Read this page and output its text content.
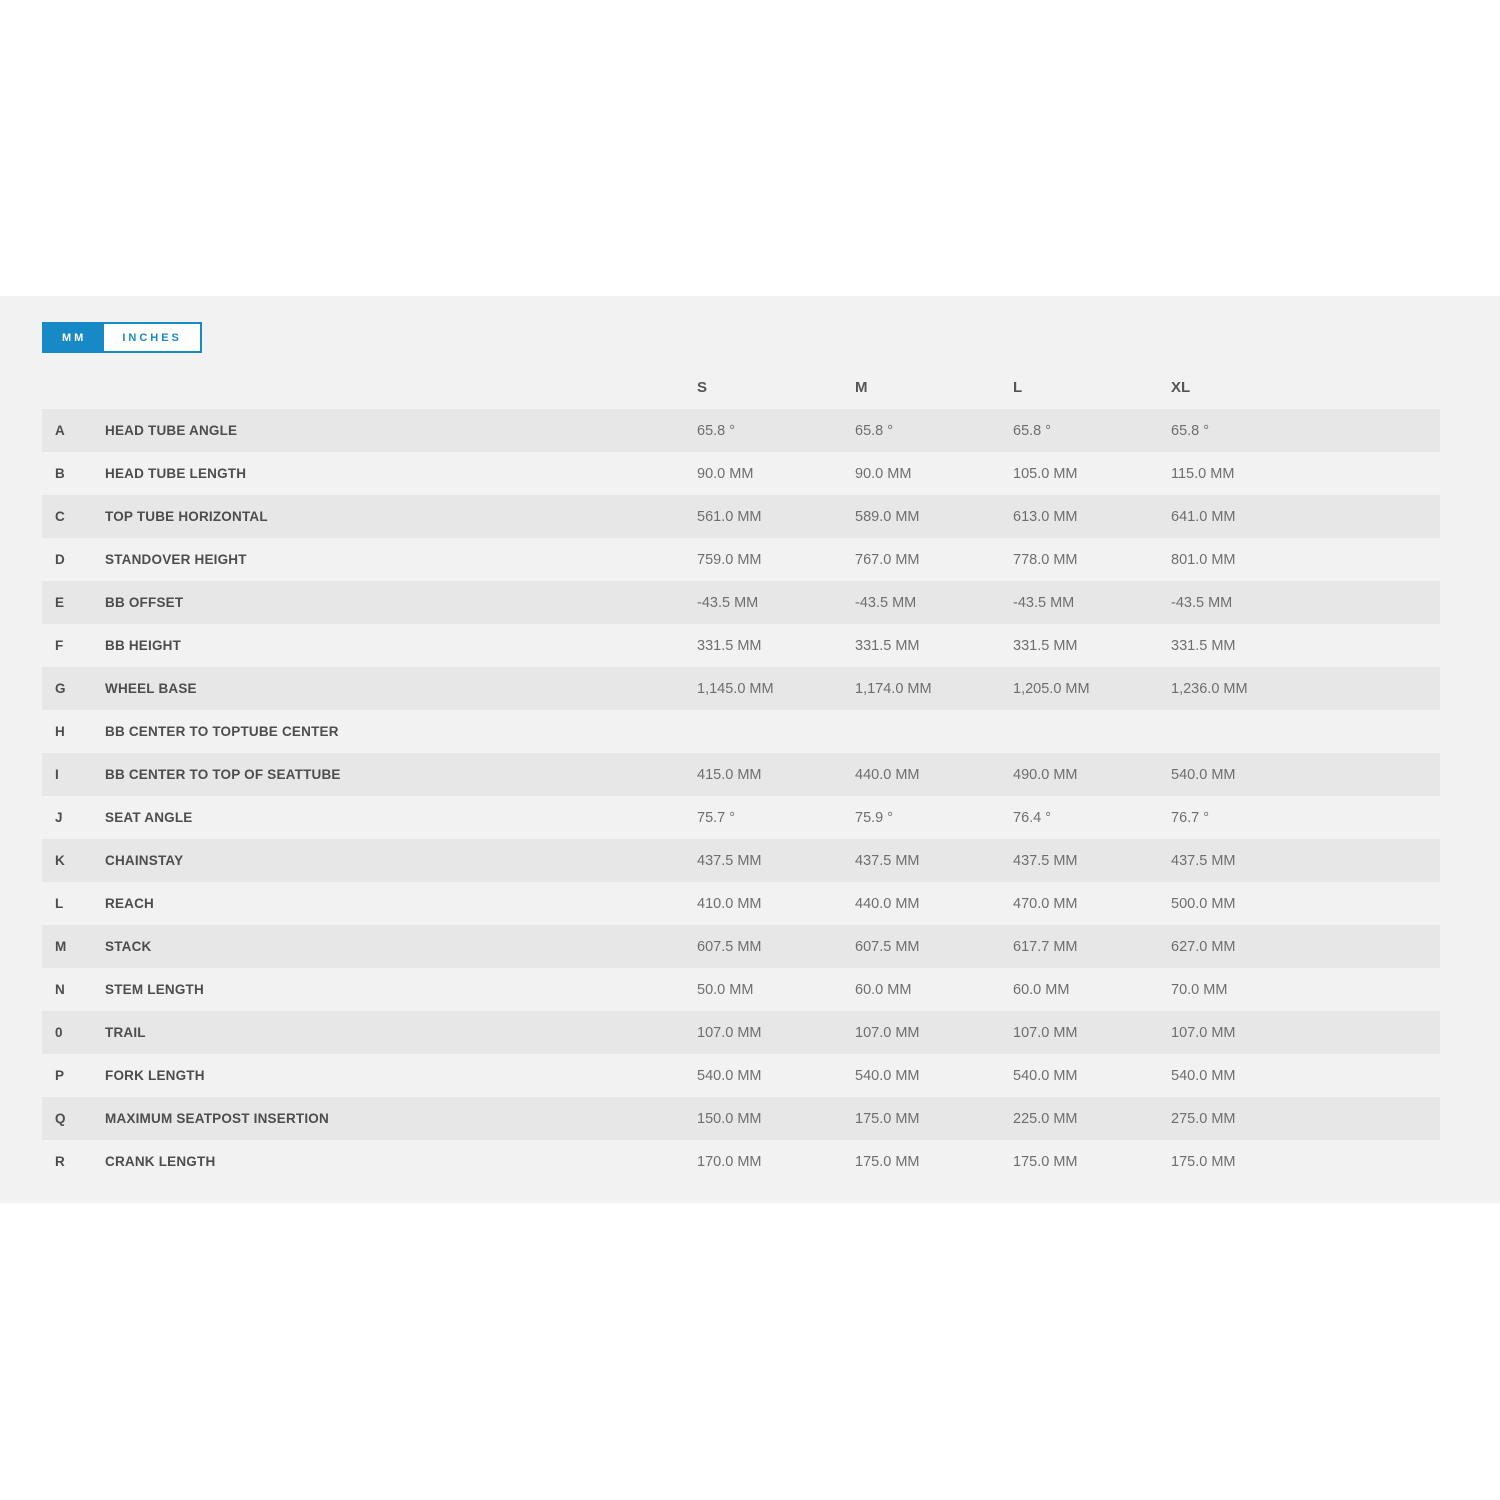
MM	INCHES
S	M	L	XL
A	HEAD TUBE ANGLE	65.8 °	65.8 °	65.8 °	65.8 °
B	HEAD TUBE LENGTH	90.0 MM	90.0 MM	105.0 MM	115.0 MM
C	TOP TUBE HORIZONTAL	561.0 MM	589.0 MM	613.0 MM	641.0 MM
D	STANDOVER HEIGHT	759.0 MM	767.0 MM	778.0 MM	801.0 MM
E	BB OFFSET	-43.5 MM	-43.5 MM	-43.5 MM	-43.5 MM
F	BB HEIGHT	331.5 MM	331.5 MM	331.5 MM	331.5 MM
G	WHEEL BASE	1,145.0 MM	1,174.0 MM	1,205.0 MM	1,236.0 MM
H	BB CENTER TO TOPTUBE CENTER
I	BB CENTER TO TOP OF SEATTUBE	415.0 MM	440.0 MM	490.0 MM	540.0 MM
J	SEAT ANGLE	75.7 °	75.9 °	76.4 °	76.7 °
K	CHAINSTAY	437.5 MM	437.5 MM	437.5 MM	437.5 MM
L	REACH	410.0 MM	440.0 MM	470.0 MM	500.0 MM
M	STACK	607.5 MM	607.5 MM	617.7 MM	627.0 MM
N	STEM LENGTH	50.0 MM	60.0 MM	60.0 MM	70.0 MM
0	TRAIL	107.0 MM	107.0 MM	107.0 MM	107.0 MM
P	FORK LENGTH	540.0 MM	540.0 MM	540.0 MM	540.0 MM
Q	MAXIMUM SEATPOST INSERTION	150.0 MM	175.0 MM	225.0 MM	275.0 MM
R	CRANK LENGTH	170.0 MM	175.0 MM	175.0 MM	175.0 MM
